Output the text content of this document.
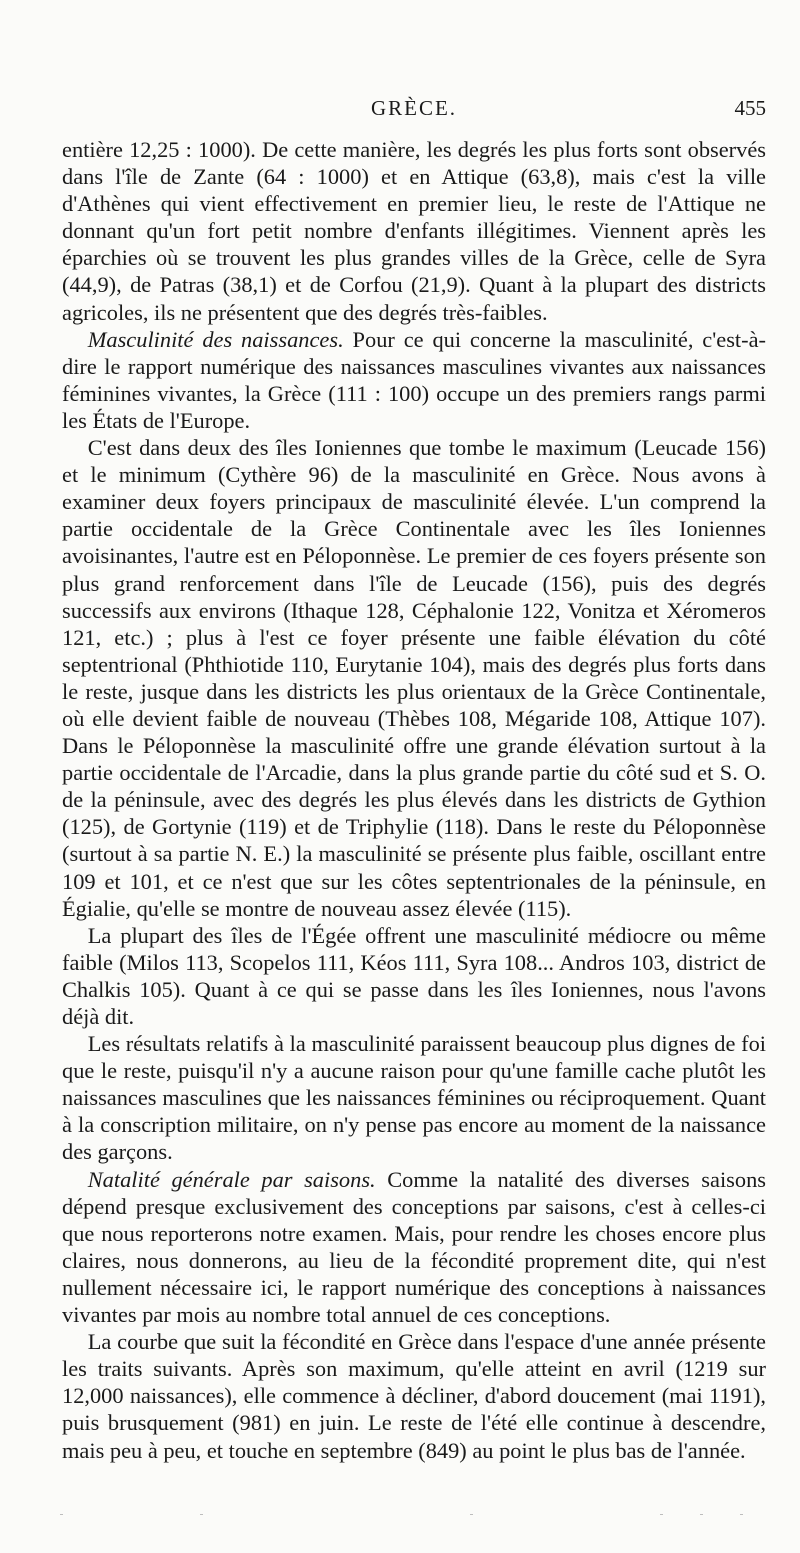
GRÈCE.	455

entière 12,25 : 1000). De cette manière, les degrés les plus forts sont observés dans l'île de Zante (64 : 1000) et en Attique (63,8), mais c'est la ville d'Athènes qui vient effectivement en premier lieu, le reste de l'Attique ne donnant qu'un fort petit nombre d'enfants illégitimes. Viennent après les éparchies où se trouvent les plus grandes villes de la Grèce, celle de Syra (44,9), de Patras (38,1) et de Corfou (21,9). Quant à la plupart des districts agricoles, ils ne présentent que des degrés très-faibles.

Masculinité des naissances. Pour ce qui concerne la masculinité, c'est-à-dire le rapport numérique des naissances masculines vivantes aux naissances féminines vivantes, la Grèce (111 : 100) occupe un des premiers rangs parmi les États de l'Europe.

C'est dans deux des îles Ioniennes que tombe le maximum (Leucade 156) et le minimum (Cythère 96) de la masculinité en Grèce. Nous avons à examiner deux foyers principaux de masculinité élevée. L'un comprend la partie occidentale de la Grèce Continentale avec les îles Ioniennes avoisinantes, l'autre est en Péloponnèse. Le premier de ces foyers présente son plus grand renforcement dans l'île de Leucade (156), puis des degrés successifs aux environs (Ithaque 128, Céphalonie 122, Vonitza et Xéromeros 121, etc.) ; plus à l'est ce foyer présente une faible élévation du côté septentrional (Phthiotide 110, Eurytanie 104), mais des degrés plus forts dans le reste, jusque dans les districts les plus orientaux de la Grèce Continentale, où elle devient faible de nouveau (Thèbes 108, Mégaride 108, Attique 107). Dans le Péloponnèse la masculinité offre une grande élévation surtout à la partie occidentale de l'Arcadie, dans la plus grande partie du côté sud et S. O. de la péninsule, avec des degrés les plus élevés dans les districts de Gythion (125), de Gortynie (119) et de Triphylie (118). Dans le reste du Péloponnèse (surtout à sa partie N. E.) la masculinité se présente plus faible, oscillant entre 109 et 101, et ce n'est que sur les côtes septentrionales de la péninsule, en Égialie, qu'elle se montre de nouveau assez élevée (115).

La plupart des îles de l'Égée offrent une masculinité médiocre ou même faible (Milos 113, Scopelos 111, Kéos 111, Syra 108... Andros 103, district de Chalkis 105). Quant à ce qui se passe dans les îles Ioniennes, nous l'avons déjà dit.

Les résultats relatifs à la masculinité paraissent beaucoup plus dignes de foi que le reste, puisqu'il n'y a aucune raison pour qu'une famille cache plutôt les naissances masculines que les naissances féminines ou réciproquement. Quant à la conscription militaire, on n'y pense pas encore au moment de la naissance des garçons.

Natalité générale par saisons. Comme la natalité des diverses saisons dépend presque exclusivement des conceptions par saisons, c'est à celles-ci que nous reporterons notre examen. Mais, pour rendre les choses encore plus claires, nous donnerons, au lieu de la fécondité proprement dite, qui n'est nullement nécessaire ici, le rapport numérique des conceptions à naissances vivantes par mois au nombre total annuel de ces conceptions.

La courbe que suit la fécondité en Grèce dans l'espace d'une année présente les traits suivants. Après son maximum, qu'elle atteint en avril (1219 sur 12,000 naissances), elle commence à décliner, d'abord doucement (mai 1191), puis brusquement (981) en juin. Le reste de l'été elle continue à descendre, mais peu à peu, et touche en septembre (849) au point le plus bas de l'année.
